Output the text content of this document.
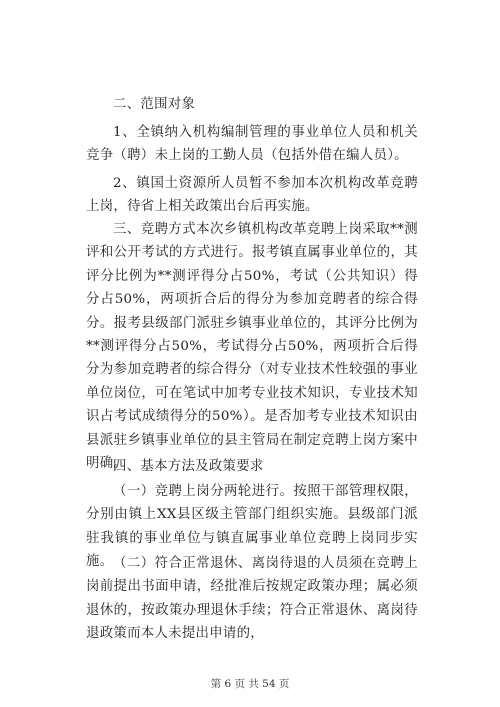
二、范围对象

1、全镇纳入机构编制管理的事业单位人员和机关竞争（聘）未上岗的工勤人员（包括外借在编人员）。

2、镇国土资源所人员暂不参加本次机构改革竞聘上岗，待省上相关政策出台后再实施。

三、竞聘方式本次乡镇机构改革竞聘上岗采取**测评和公开考试的方式进行。报考镇直属事业单位的，其评分比例为**测评得分占50%，考试（公共知识）得分占50%，两项折合后的得分为参加竞聘者的综合得分。报考县级部门派驻乡镇事业单位的，其评分比例为**测评得分占50%，考试得分占50%，两项折合后得分为参加竞聘者的综合得分（对专业技术性较强的事业单位岗位，可在笔试中加考专业技术知识，专业技术知识占考试成绩得分的50%）。是否加考专业技术知识由县派驻乡镇事业单位的县主管局在制定竞聘上岗方案中明确。

四、基本方法及政策要求

（一）竞聘上岗分两轮进行。按照干部管理权限，分别由镇上XX县区级主管部门组织实施。县级部门派驻我镇的事业单位与镇直属事业单位竞聘上岗同步实施。 （二）符合正常退休、离岗待退的人员须在竞聘上岗前提出书面申请，经批准后按规定政策办理；属必须退休的，按政策办理退休手续；符合正常退休、离岗待退政策而本人未提出申请的，

第 6 页 共 54 页
